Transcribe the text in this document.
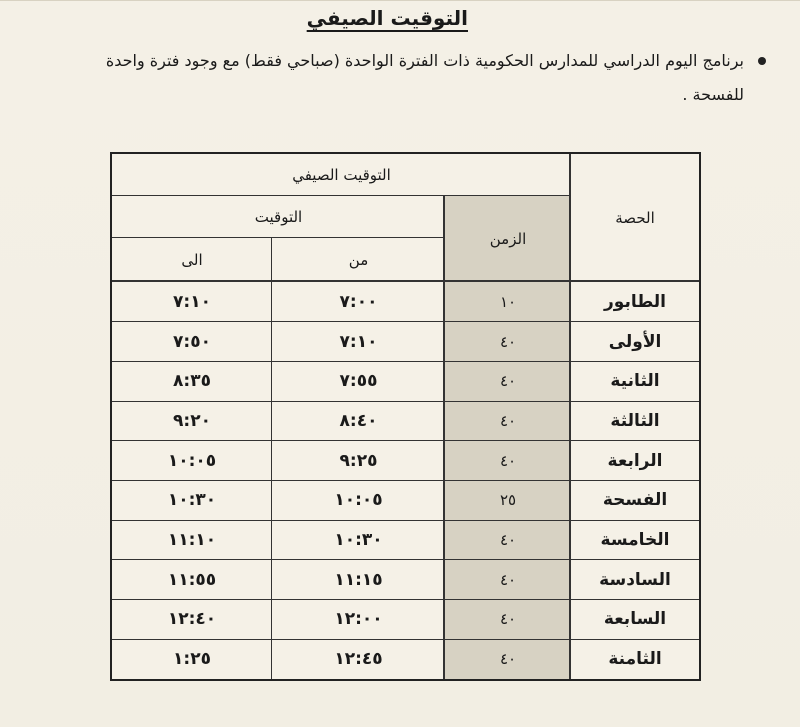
التوقيت الصيفي
برنامج اليوم الدراسي للمدارس الحكومية ذات الفترة الواحدة (صباحي فقط) مع وجود فترة واحدة للفسحة .
الحصة
التوقيت الصيفي
الزمن
التوقيت
من
الى
الطابور
١٠
٧:٠٠
٧:١٠
الأولى
٤٠
٧:١٠
٧:٥٠
الثانية
٤٠
٧:٥٥
٨:٣٥
الثالثة
٤٠
٨:٤٠
٩:٢٠
الرابعة
٤٠
٩:٢٥
١٠:٠٥
الفسحة
٢٥
١٠:٠٥
١٠:٣٠
الخامسة
٤٠
١٠:٣٠
١١:١٠
السادسة
٤٠
١١:١٥
١١:٥٥
السابعة
٤٠
١٢:٠٠
١٢:٤٠
الثامنة
٤٠
١٢:٤٥
١:٢٥
